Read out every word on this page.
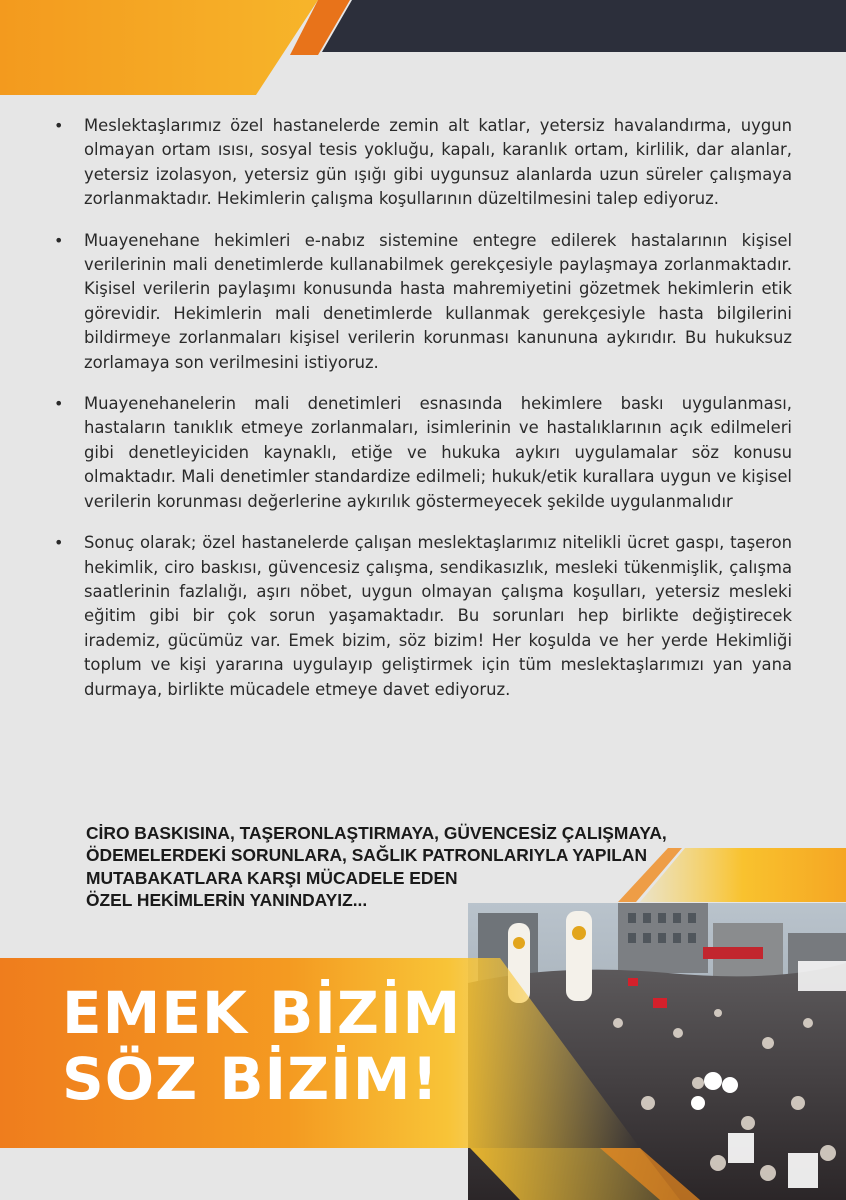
• Meslektaşlarımız özel hastanelerde zemin alt katlar, yetersiz havalandırma, uygun olmayan ortam ısısı, sosyal tesis yokluğu, kapalı, karanlık ortam, kirlilik, dar alanlar, yetersiz izolasyon, yetersiz gün ışığı gibi uygunsuz alanlarda uzun süreler çalışmaya zorlanmaktadır. Hekimlerin çalışma koşullarının düzeltilmesini talep ediyoruz.
• Muayenehane hekimleri e-nabız sistemine entegre edilerek hastalarının kişisel verilerinin mali denetimlerde kullanabilmek gerekçesiyle paylaşmaya zorlanmaktadır. Kişisel verilerin paylaşımı konusunda hasta mahremiyetini gözetmek hekimlerin etik görevidir. Hekimlerin mali denetimlerde kullanmak gerekçesiyle hasta bilgilerini bildirmeye zorlanmaları kişisel verilerin korunması kanununa aykırıdır. Bu hukuksuz zorlamaya son verilmesini istiyoruz.
• Muayenehanelerin mali denetimleri esnasında hekimlere baskı uygulanması, hastaların tanıklık etmeye zorlanmaları, isimlerinin ve hastalıklarının açık edilmeleri gibi denetleyiciden kaynaklı, etiğe ve hukuka aykırı uygulamalar söz konusu olmaktadır. Mali denetimler standardize edilmeli; hukuk/etik kurallara uygun ve kişisel verilerin korunması değerlerine aykırılık göstermeyecek şekilde uygulanmalıdır
• Sonuç olarak; özel hastanelerde çalışan meslektaşlarımız nitelikli ücret gaspı, taşeron hekimlik, ciro baskısı, güvencesiz çalışma, sendikasızlık, mesleki tükenmişlik, çalışma saatlerinin fazlalığı, aşırı nöbet, uygun olmayan çalışma koşulları, yetersiz mesleki eğitim gibi bir çok sorun yaşamaktadır. Bu sorunları hep birlikte değiştirecek irademiz, gücümüz var. Emek bizim, söz bizim! Her koşulda ve her yerde Hekimliği toplum ve kişi yararına uygulayıp geliştirmek için tüm meslektaşlarımızı yan yana durmaya, birlikte mücadele etmeye davet ediyoruz.
CİRO BASKISINA, TAŞERONLAŞTIRMAYA, GÜVENCESİZ ÇALIŞMAYA,
ÖDEMELERDEKİ SORUNLARA, SAĞLIK PATRONLARIYLA YAPILAN
MUTABAKATLARA KARŞI MÜCADELE EDEN
ÖZEL HEKİMLERİN YANINDAYIZ...
EMEK BİZİM
SÖZ BİZİM!
